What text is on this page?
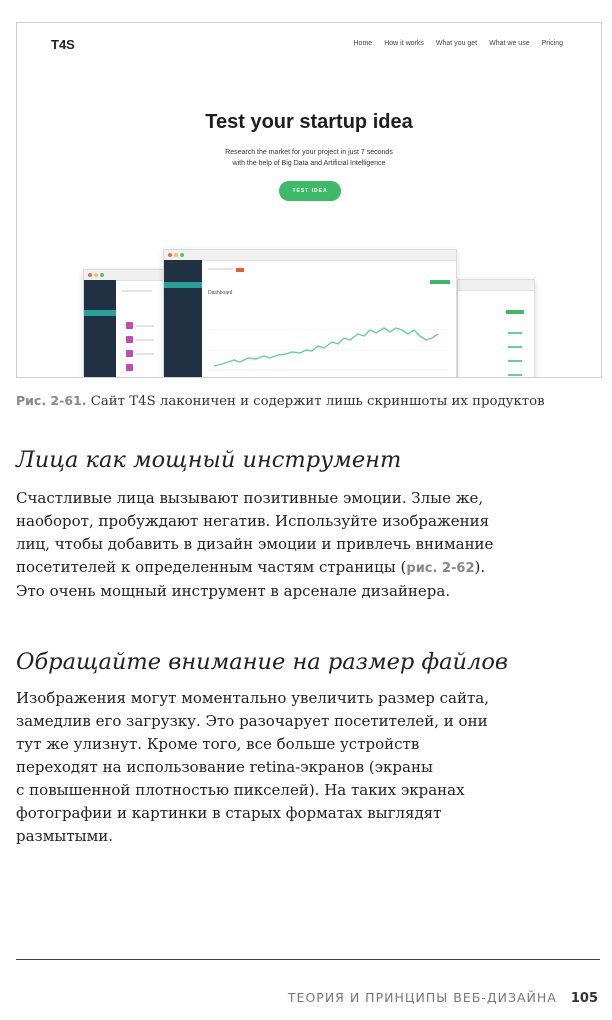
T4S	Home How it works What you get What we use Pricing
Test your startup idea
Research the market for your project in just 7 seconds
with the help of Big Data and Artificial Intelligence
TEST IDEA
Dashboard
Рис. 2-61. Сайт T4S лаконичен и содержит лишь скриншоты их продуктов
Лица как мощный инструмент
Счастливые лица вызывают позитивные эмоции. Злые же,
наоборот, пробуждают негатив. Используйте изображения
лиц, чтобы добавить в дизайн эмоции и привлечь внимание
посетителей к определенным частям страницы (рис. 2-62).
Это очень мощный инструмент в арсенале дизайнера.
Обращайте внимание на размер файлов
Изображения могут моментально увеличить размер сайта,
замедлив его загрузку. Это разочарует посетителей, и они
тут же улизнут. Кроме того, все больше устройств
переходят на использование retina-экранов (экраны
с повышенной плотностью пикселей). На таких экранах
фотографии и картинки в старых форматах выглядят
размытыми.
ТЕОРИЯ И ПРИНЦИПЫ ВЕБ-ДИЗАЙНА 105
